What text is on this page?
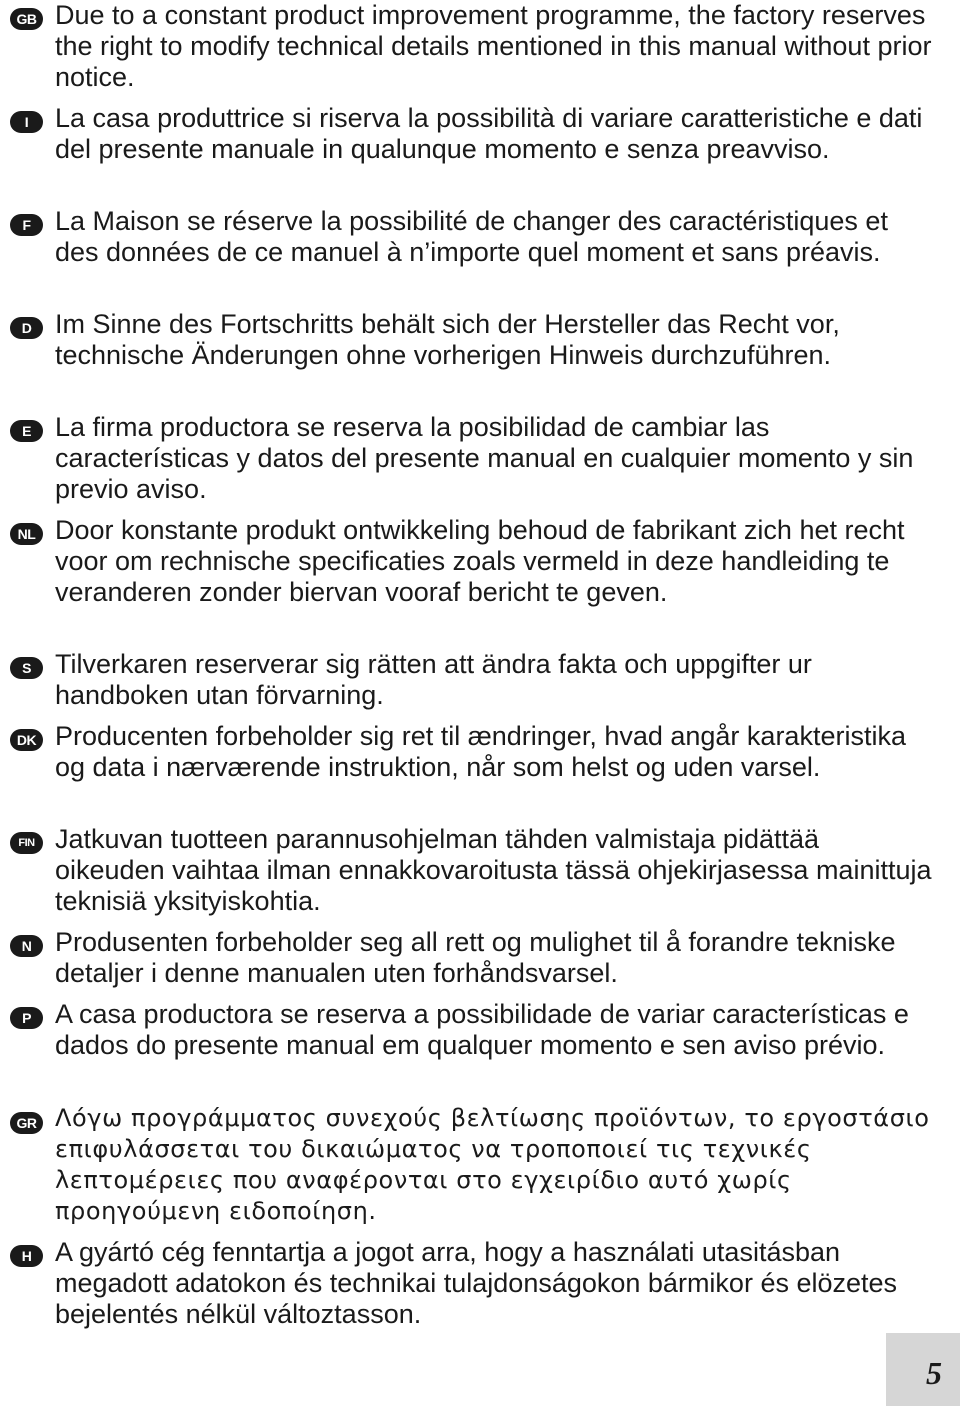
GB Due to a constant product improvement programme, the factory reserves the right to modify technical details mentioned in this manual without prior notice.

I La casa produttrice si riserva la possibilità di variare caratteristiche e dati del presente manuale in qualunque momento e senza preavviso.

F La Maison se réserve la possibilité de changer des caractéristiques et des données de ce manuel à n’importe quel moment et sans préavis.

D Im Sinne des Fortschritts behält sich der Hersteller das Recht vor, technische Änderungen ohne vorherigen Hinweis durchzuführen.

E La firma productora se reserva la posibilidad de cambiar las características y datos del presente manual en cualquier momento y sin previo aviso.

NL Door konstante produkt ontwikkeling behoud de fabrikant zich het recht voor om rechnische specificaties zoals vermeld in deze handleiding te veranderen zonder biervan vooraf bericht te geven.

S Tilverkaren reserverar sig rätten att ändra fakta och uppgifter ur handboken utan förvarning.

DK Producenten forbeholder sig ret til ændringer, hvad angår karakteristika og data i nærværende instruktion, når som helst og uden varsel.

FIN Jatkuvan tuotteen parannusohjelman tähden valmistaja pidättää oikeuden vaihtaa ilman ennakkovaroitusta tässä ohjekirjasessa mainittuja teknisiä yksityiskohtia.

N Produsenten forbeholder seg all rett og mulighet til å forandre tekniske detaljer i denne manualen uten forhåndsvarsel.

P A casa productora se reserva a possibilidade de variar características e dados do presente manual em qualquer momento e sen aviso prévio.

GR Λόγω προγράμματος συνεχούς βελτίωσης προϊόντων, το εργοστάσιο επιφυλάσσεται του δικαιώματος να τροποποιεί τις τεχνικές λεπτομέρειες που αναφέρονται στο εγχειρίδιο αυτό χωρίς προηγούμενη ειδοποίηση.

H A gyártó cég fenntartja a jogot arra, hogy a használati utasitásban megadott adatokon és technikai tulajdonságokon bármikor és elözetes bejelentés nélkül változtasson.

5
